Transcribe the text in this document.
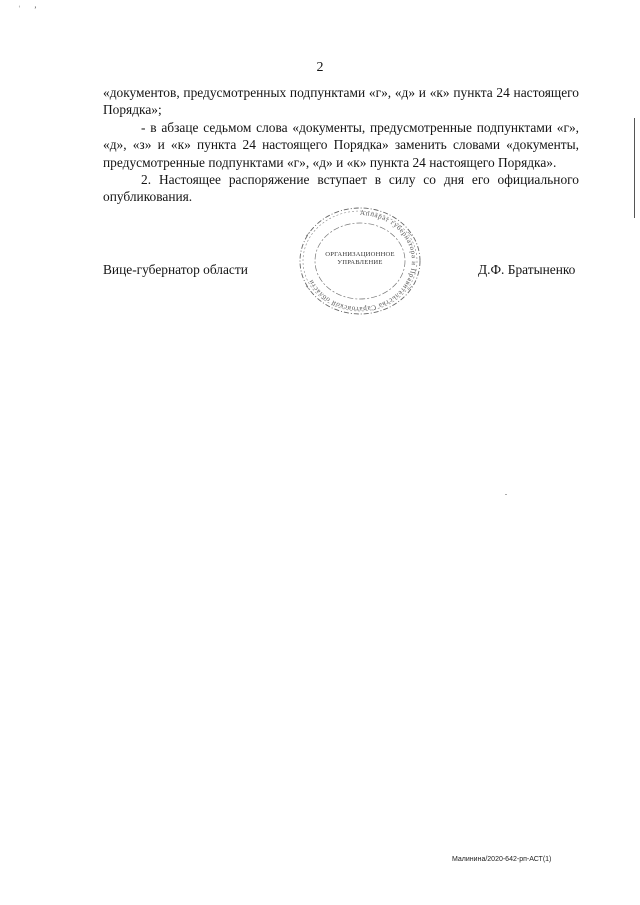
ʿ ʼ
2

«документов, предусмотренных подпунктами «г», «д» и «к» пункта 24 настоящего Порядка»;

- в абзаце седьмом слова «документы, предусмотренные подпунктами «г», «д», «з» и «к» пункта 24 настоящего Порядка» заменить словами «документы, предусмотренные подпунктами «г», «д» и «к» пункта 24 настоящего Порядка».

2. Настоящее распоряжение вступает в силу со дня его официального опубликования.

Вице-губернатор области
Аппарат губернатора и Правительства Саратовской области
ОРГАНИЗАЦИОННОЕ
УПРАВЛЕНИЕ	Д.Ф. Братыненко
Малинина/2020-642-рп-АСТ(1)
